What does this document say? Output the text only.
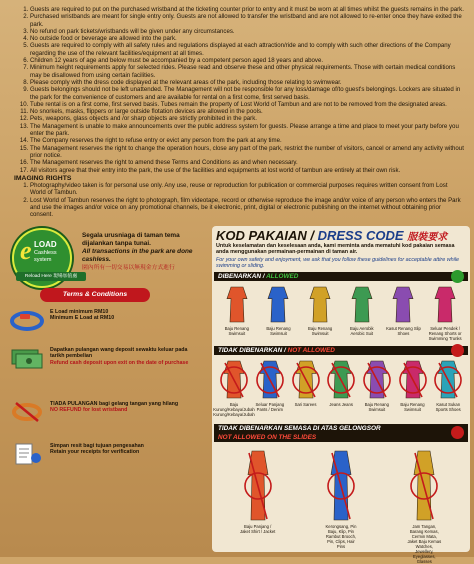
1. Guests are required to put on the purchased wristband at the ticketing counter prior to entry and it must be worn at all times whilst the guests remains in the park.
2. Purchased wristbands are meant for single entry only. Guests are not allowed to transfer the wristband and are not allowed to re-enter once they have exited the park.
3. No refund on park tickets/wristbands will be given under any circumstances.
4. No outside food or beverage are allowed into the park.
5. Guests are required to comply with all safety rules and regulations displayed at each attraction/ride and to comply with such other directions of the Company regarding the use of the relevant facilities/equipment at all times.
6. Children 12 years of age and below must be accompanied by a competent person aged 18 years and above.
7. Minimum height requirements apply for selected rides. Please read and observe these and other physical requirements. Those with certain medical conditions may be disallowed from using certain facilities.
8. Please comply with the dress code displayed at the relevant areas of the park, including those relating to swimwear.
9. Guests belongings should not be left unattended. The Management will not be responsible for any loss/damage of/to guest's belongings. Lockers are situated in the park for the convenience of customers and are available for rental on a first come, first served basis.
10. Tube rental is on a first come, first served basis. Tubes remain the property of Lost World of Tambun and are not to be removed from the designated areas.
11. No snorkels, masks, flippers or large outside flotation devices are allowed in the pools.
12. Pets, weapons, glass objects and /or sharp objects are strictly prohibited in the park.
13. The Management is unable to make announcements over the public address system for guests. Please arrange a time and place to meet your party before you enter the park.
14. The Company reserves the right to refuse entry or evict any person from the park at any time.
15. The Management reserves the right to change the operation hours, close any part of the park, restrict the number of visitors, cancel or amend any activity without prior notice.
16. The Management reserves the right to amend these Terms and Conditions as and when necessary.
17. All visitors agree that their entry into the park, the use of the facilities and equipments at lost world of tambun are entirely at their own risk.
IMAGING RIGHTS
1. Photography/video taken is for personal use only. Any use, reuse or reproduction for publication or commercial purposes requires written consent from Lost World of Tambun.
2. Lost World of Tambun reserves the right to photograph, film videotape, record or otherwise reproduce the image and/or voice of any person who enters the Park and use the images and/or voice on any promotional channels, be it electronic, print, digital or electronic publishing on the internet without obtaining prior consent.
e LOAD
Cashless
system
Reload Here 現場加值處
Segala urusniaga di taman tema dijalankan tanpa tunai.
All transactions in the park are done cashless.
園內所有一切交易以無現金方式進行
Terms & Conditions
E Load minimum RM10
Minimum E Load at RM10
Dapatkan pulangan wang deposit sewaktu keluar pada tarikh pembelian
Refund cash deposit upon exit on the date of purchase
TIADA PULANGAN bagi gelang tangan yang hilang
NO REFUND for lost wristband
Simpan resit bagi tujuan pengesahan
Retain your receipts for verification
KOD PAKAIAN / DRESS CODE 服裝要求
Untuk keselamatan dan keselesaan anda, kami meminta anda mematuhi kod pakaian semasa anda menggunakan permainan-permainan di taman air.
For your own safety and enjoyment, we ask that you follow these guidelines for acceptable attire while swimming or sliding.
DIBENARKAN / ALLOWED
Baju Renang Swimsuit
Baju Renang Swimsuit
Baju Renang Swimsuit
Baju Aerobik Aerobic Suit
Kasut Renang Slip Shoes
Seluar Pendek / Renang Shorts or Swimming Trunks
TIDAK DIBENARKAN / NOT ALLOWED
Baju Kurung/Kebaya/Jubah Kurung/Kebaya/Jubah
Seluar Panjang Pants / Denim
Sari Sarees	Jeans Jeans	Baju Renang Swimsuit
Baju Renang Swimsuit
Kasut Sukan Sports Shoes
TIDAK DIBENARKAN SEMASA DI ATAS GELONGSOR
NOT ALLOWED ON THE SLIDES
Baju Panjang / Jaket Shirt / Jacket
Kerongsang, Pin Baju, Klip, Pin Rambut Brooch, Pin, Clips, Hair Pins
Jam Tangan, Barang Kemas, Cermin Mata, Jaket Baju Kemas Watches, Jewellery, Eyeglasses, Glasses
